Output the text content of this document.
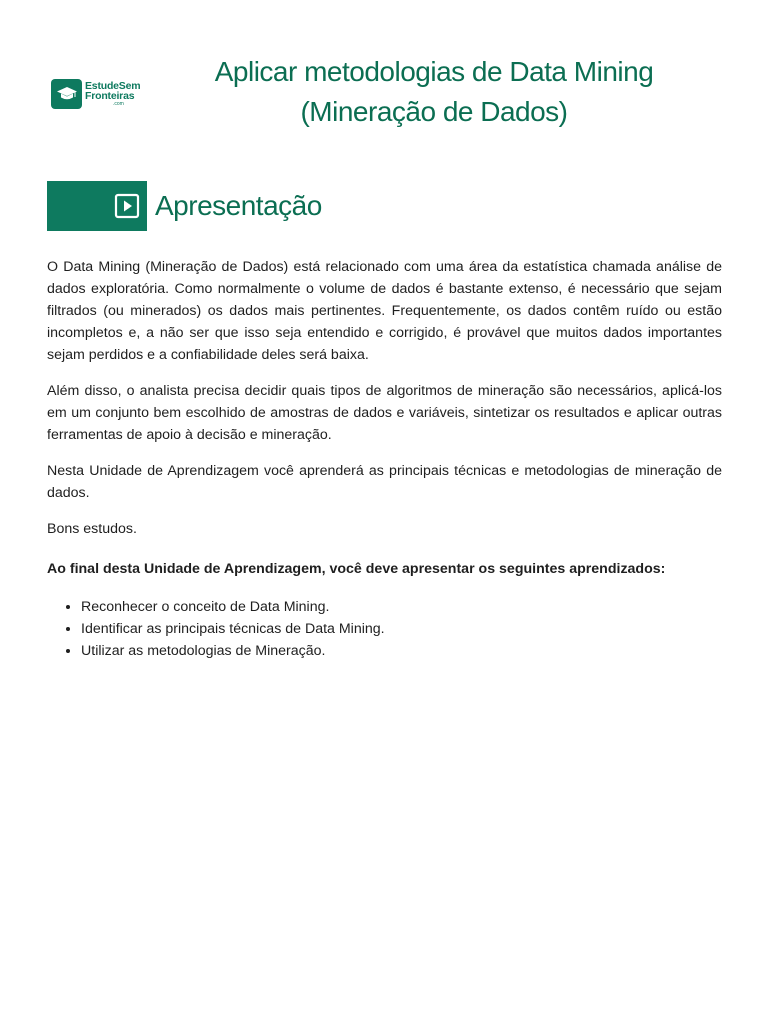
EstudeSem
Fronteiras
.com
Aplicar metodologias de Data Mining
(Mineração de Dados)
Apresentação

O Data Mining (Mineração de Dados) está relacionado com uma área da estatística chamada análise de dados exploratória. Como normalmente o volume de dados é bastante extenso, é necessário que sejam filtrados (ou minerados) os dados mais pertinentes. Frequentemente, os dados contêm ruído ou estão incompletos e, a não ser que isso seja entendido e corrigido, é provável que muitos dados importantes sejam perdidos e a confiabilidade deles será baixa.

Além disso, o analista precisa decidir quais tipos de algoritmos de mineração são necessários, aplicá-los em um conjunto bem escolhido de amostras de dados e variáveis, sintetizar os resultados e aplicar outras ferramentas de apoio à decisão e mineração.

Nesta Unidade de Aprendizagem você aprenderá as principais técnicas e metodologias de mineração de dados.

Bons estudos.

Ao final desta Unidade de Aprendizagem, você deve apresentar os seguintes aprendizados:

• Reconhecer o conceito de Data Mining.
• Identificar as principais técnicas de Data Mining.
• Utilizar as metodologias de Mineração.
